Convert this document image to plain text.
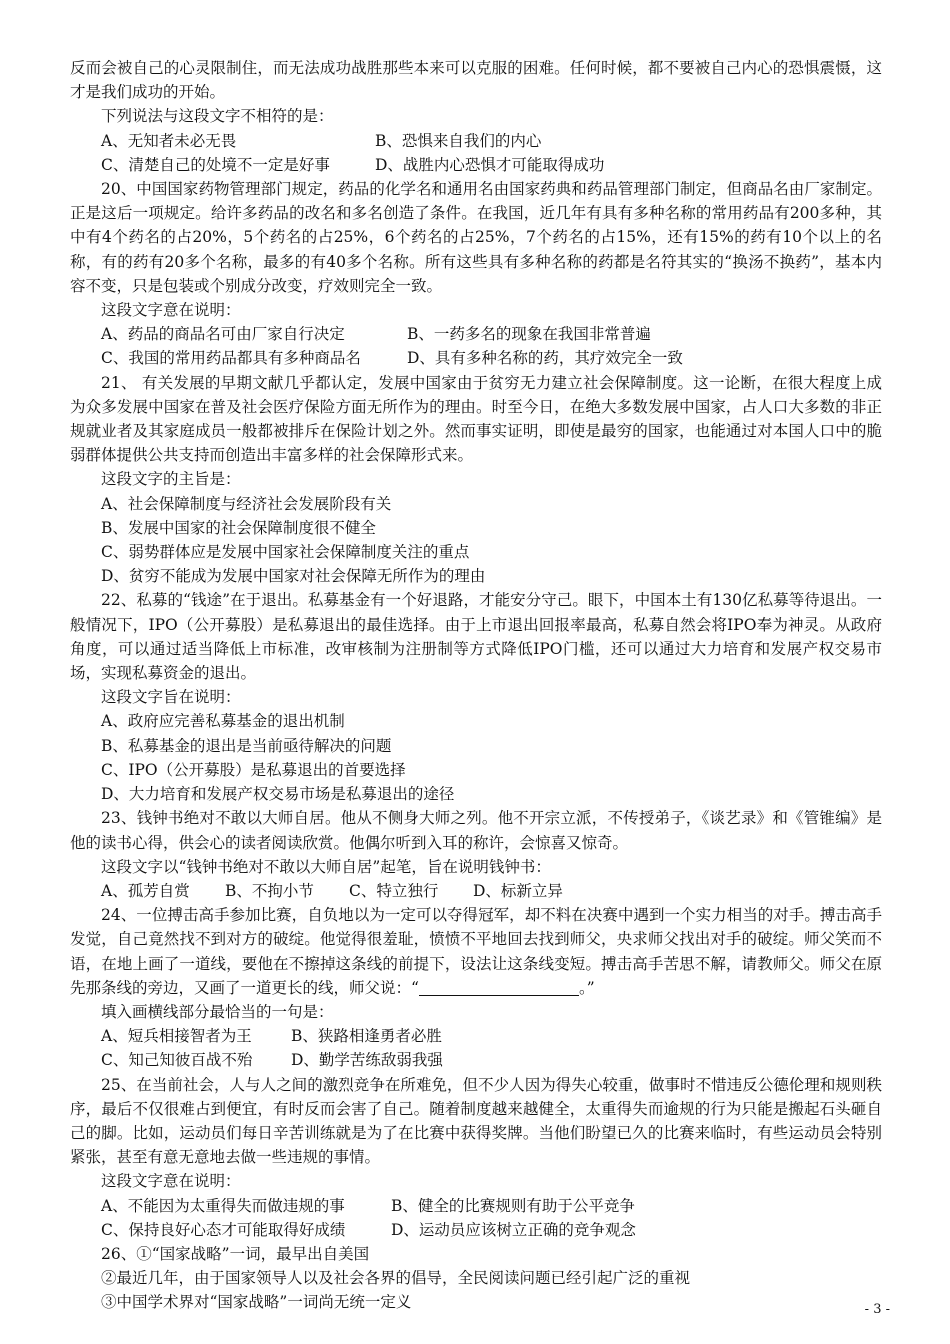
反而会被自己的心灵限制住，而无法成功战胜那些本来可以克服的困难。任何时候，都不要被自己内心的恐惧震慑，这才是我们成功的开始。

下列说法与这段文字不相符的是：

A、无知者未必无畏	B、恐惧来自我们的内心
C、清楚自己的处境不一定是好事	D、战胜内心恐惧才可能取得成功

20、中国国家药物管理部门规定，药品的化学名和通用名由国家药典和药品管理部门制定，但商品名由厂家制定。正是这后一项规定。给许多药品的改名和多名创造了条件。在我国，近几年有具有多种名称的常用药品有200多种，其中有4个药名的占20%，5个药名的占25%，6个药名的占25%，7个药名的占15%，还有15%的药有10个以上的名称，有的药有20多个名称，最多的有40多个名称。所有这些具有多种名称的药都是名符其实的“换汤不换药”，基本内容不变，只是包装或个别成分改变，疗效则完全一致。

这段文字意在说明：

A、药品的商品名可由厂家自行决定	B、一药多名的现象在我国非常普遍
C、我国的常用药品都具有多种商品名	D、具有多种名称的药，其疗效完全一致

21、 有关发展的早期文献几乎都认定，发展中国家由于贫穷无力建立社会保障制度。这一论断，在很大程度上成为众多发展中国家在普及社会医疗保险方面无所作为的理由。时至今日，在绝大多数发展中国家，占人口大多数的非正规就业者及其家庭成员一般都被排斥在保险计划之外。然而事实证明，即使是最穷的国家，也能通过对本国人口中的脆弱群体提供公共支持而创造出丰富多样的社会保障形式来。

这段文字的主旨是：

A、社会保障制度与经济社会发展阶段有关
B、发展中国家的社会保障制度很不健全
C、弱势群体应是发展中国家社会保障制度关注的重点
D、贫穷不能成为发展中国家对社会保障无所作为的理由

22、私募的“钱途”在于退出。私募基金有一个好退路，才能安分守己。眼下，中国本土有130亿私募等待退出。一般情况下，IPO（公开募股）是私募退出的最佳选择。由于上市退出回报率最高，私募自然会将IPO奉为神灵。从政府角度，可以通过适当降低上市标准，改审核制为注册制等方式降低IPO门槛，还可以通过大力培育和发展产权交易市场，实现私募资金的退出。

这段文字旨在说明：

A、政府应完善私募基金的退出机制
B、私募基金的退出是当前亟待解决的问题
C、IPO（公开募股）是私募退出的首要选择
D、大力培育和发展产权交易市场是私募退出的途径

23、钱钟书绝对不敢以大师自居。他从不侧身大师之列。他不开宗立派，不传授弟子，《谈艺录》和《管锥编》是他的读书心得，供会心的读者阅读欣赏。他偶尔听到入耳的称许，会惊喜又惊奇。

这段文字以“钱钟书绝对不敢以大师自居”起笔，旨在说明钱钟书：

A、孤芳自赏 B、不拘小节 C、特立独行 D、标新立异

24、一位搏击高手参加比赛，自负地以为一定可以夺得冠军，却不料在决赛中遇到一个实力相当的对手。搏击高手发觉，自己竟然找不到对方的破绽。他觉得很羞耻，愤愤不平地回去找到师父，央求师父找出对手的破绽。师父笑而不语，在地上画了一道线，要他在不擦掉这条线的前提下，设法让这条线变短。搏击高手苦思不解，请教师父。师父在原先那条线的旁边，又画了一道更长的线，师父说：“	。”

填入画横线部分最恰当的一句是：

A、短兵相接智者为王	B、狭路相逢勇者必胜
C、知己知彼百战不殆 D、勤学苦练敌弱我强

25、在当前社会，人与人之间的激烈竞争在所难免，但不少人因为得失心较重，做事时不惜违反公德伦理和规则秩序，最后不仅很难占到便宜，有时反而会害了自己。随着制度越来越健全，太重得失而逾规的行为只能是搬起石头砸自己的脚。比如，运动员们每日辛苦训练就是为了在比赛中获得奖牌。当他们盼望已久的比赛来临时，有些运动员会特别紧张，甚至有意无意地去做一些违规的事情。

这段文字意在说明：

A、不能因为太重得失而做违规的事	B、健全的比赛规则有助于公平竞争
C、保持良好心态才可能取得好成绩	D、运动员应该树立正确的竞争观念

26、①“国家战略”一词，最早出自美国

②最近几年，由于国家领导人以及社会各界的倡导，全民阅读问题已经引起广泛的重视

③中国学术界对“国家战略”一词尚无统一定义	- 3 -
